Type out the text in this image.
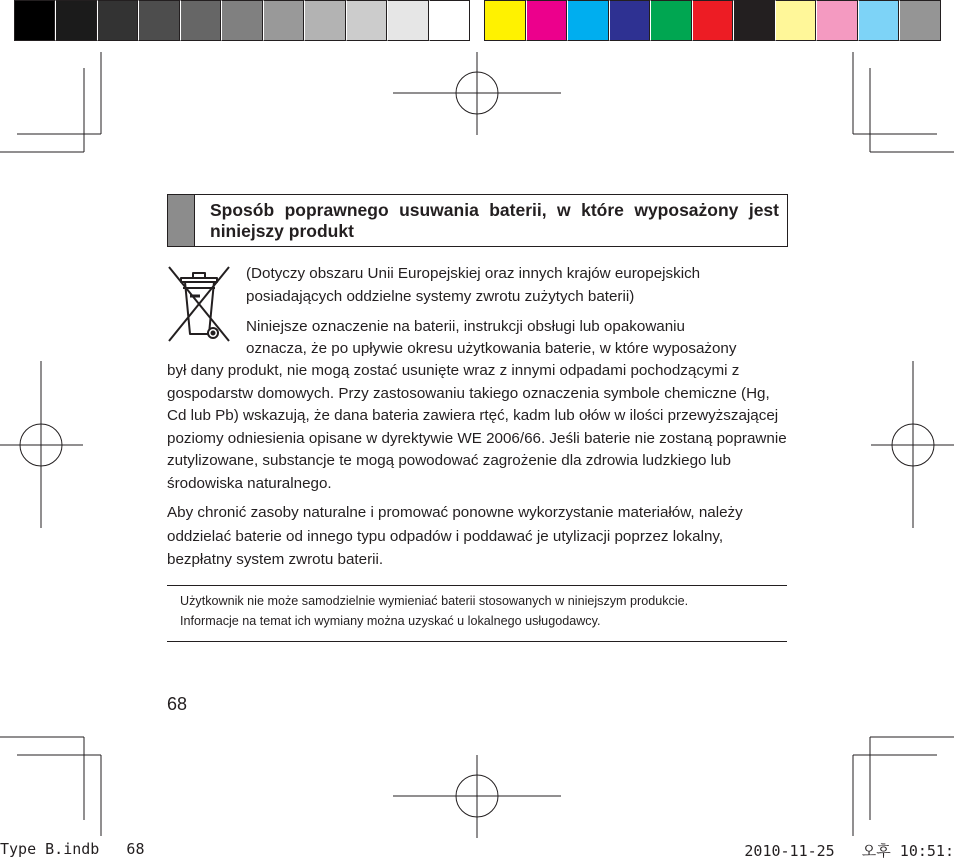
Sposób poprawnego usuwania baterii, w które wyposażony jest niniejszy produkt

(Dotyczy obszaru Unii Europejskiej oraz innych krajów europejskich

posiadających oddzielne systemy zwrotu zużytych baterii)

Niniejsze oznaczenie na baterii, instrukcji obsługi lub opakowaniu

oznacza, że po upływie okresu użytkowania baterie, w które wyposażony

był dany produkt, nie mogą zostać usunięte wraz z innymi odpadami pochodzącymi z gospodarstw domowych. Przy zastosowaniu takiego oznaczenia symbole chemiczne (Hg, Cd lub Pb) wskazują, że dana bateria zawiera rtęć, kadm lub ołów w ilości przewyższającej poziomy odniesienia opisane w dyrektywie WE 2006/66. Jeśli baterie nie zostaną poprawnie zutylizowane, substancje te mogą powodować zagrożenie dla zdrowia ludzkiego lub środowiska naturalnego.

Aby chronić zasoby naturalne i promować ponowne wykorzystanie materiałów, należy oddzielać baterie od innego typu odpadów i poddawać je utylizacji poprzez lokalny, bezpłatny system zwrotu baterii.

Użytkownik nie może samodzielnie wymieniać baterii stosowanych w niniejszym produkcie.
Informacje na temat ich wymiany można uzyskać u lokalnego usługodawcy.

68

Type B.indb   68	2010-11-25   오후 10:51:
